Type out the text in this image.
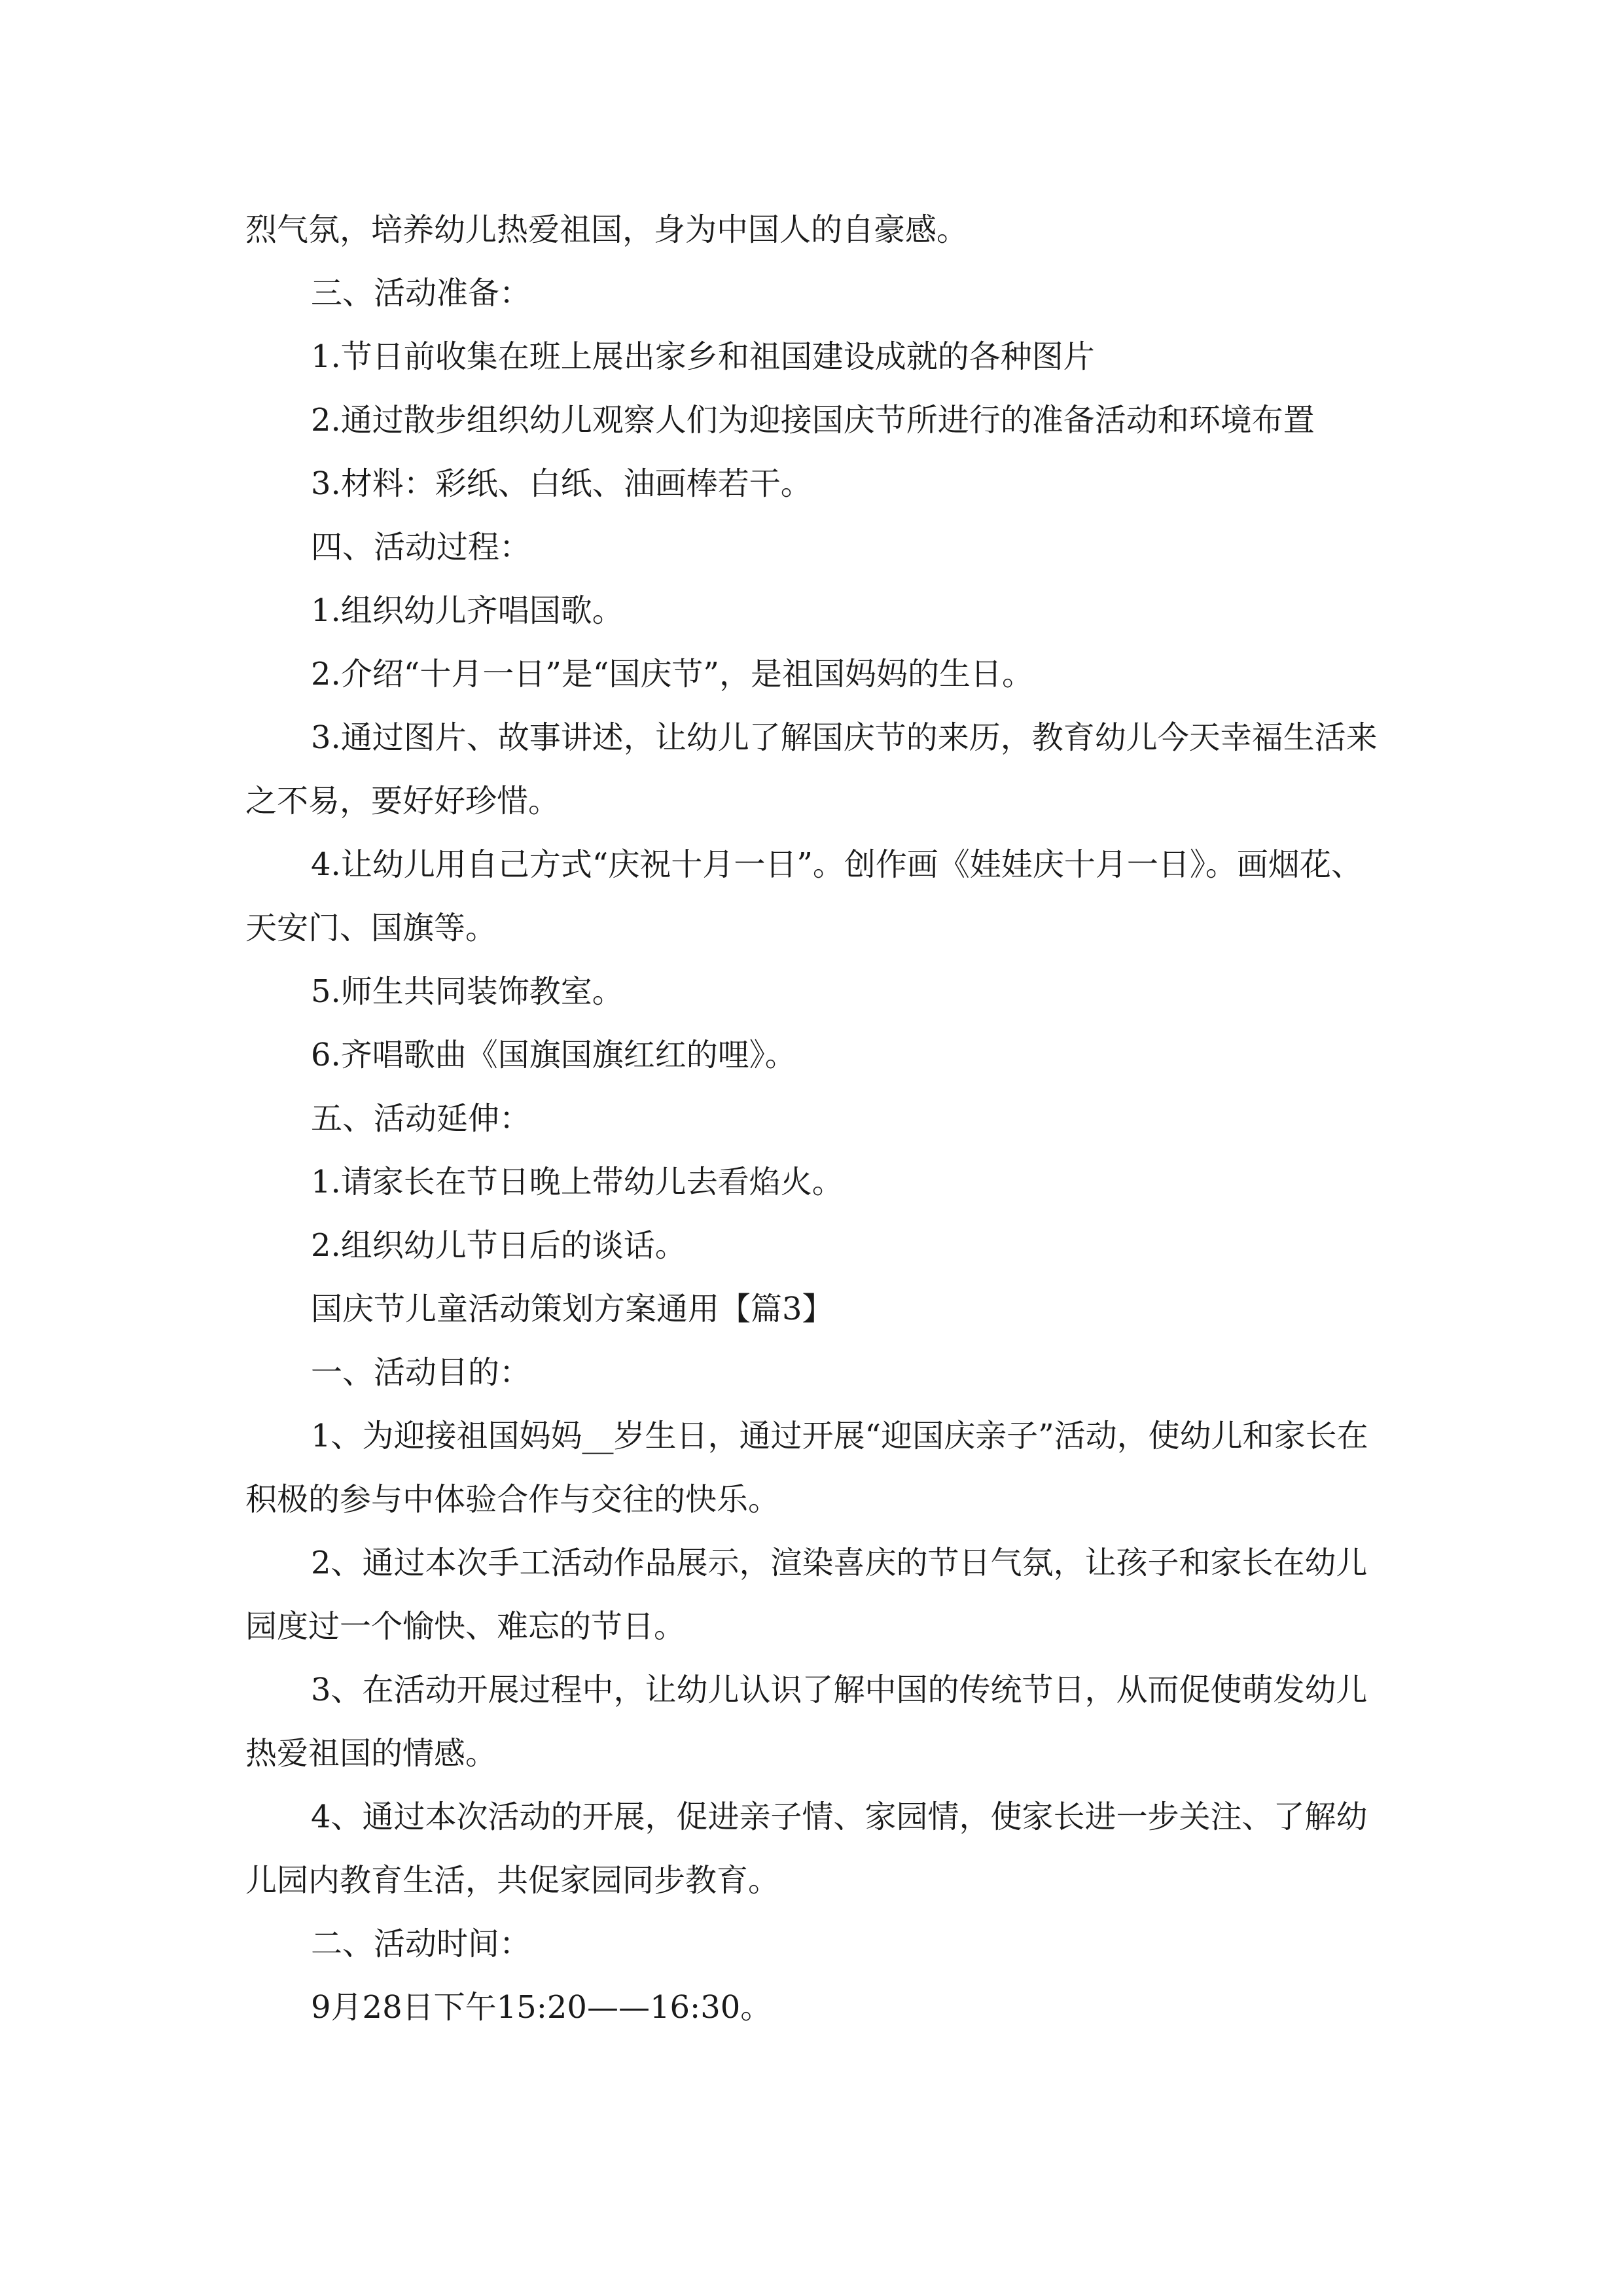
烈气氛，培养幼儿热爱祖国，身为中国人的自豪感。

三、活动准备：

1.节日前收集在班上展出家乡和祖国建设成就的各种图片

2.通过散步组织幼儿观察人们为迎接国庆节所进行的准备活动和环境布置

3.材料：彩纸、白纸、油画棒若干。

四、活动过程：

1.组织幼儿齐唱国歌。

2.介绍“十月一日”是“国庆节”，是祖国妈妈的生日。

3.通过图片、故事讲述，让幼儿了解国庆节的来历，教育幼儿今天幸福生活来之不易，要好好珍惜。

4.让幼儿用自己方式“庆祝十月一日”。创作画《娃娃庆十月一日》。画烟花、天安门、国旗等。

5.师生共同装饰教室。

6.齐唱歌曲《国旗国旗红红的哩》。

五、活动延伸：

1.请家长在节日晚上带幼儿去看焰火。

2.组织幼儿节日后的谈话。

国庆节儿童活动策划方案通用【篇3】

一、活动目的：

1、为迎接祖国妈妈__岁生日，通过开展“迎国庆亲子”活动，使幼儿和家长在积极的参与中体验合作与交往的快乐。

2、通过本次手工活动作品展示，渲染喜庆的节日气氛，让孩子和家长在幼儿园度过一个愉快、难忘的节日。

3、在活动开展过程中，让幼儿认识了解中国的传统节日，从而促使萌发幼儿热爱祖国的情感。

4、通过本次活动的开展，促进亲子情、家园情，使家长进一步关注、了解幼儿园内教育生活，共促家园同步教育。

二、活动时间：

9月28日下午15:20——16:30。
